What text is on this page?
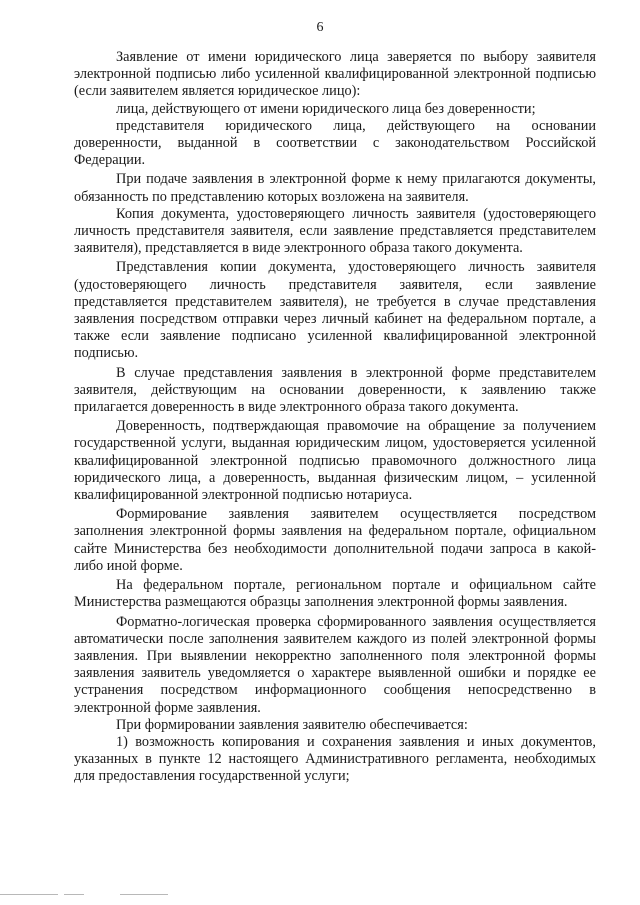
6

Заявление от имени юридического лица заверяется по выбору заявителя электронной подписью либо усиленной квалифицированной электронной подписью (если заявителем является юридическое лицо):

лица, действующего от имени юридического лица без доверенности;

представителя юридического лица, действующего на основании доверенности, выданной в соответствии с законодательством Российской Федерации.

При подаче заявления в электронной форме к нему прилагаются документы, обязанность по представлению которых возложена на заявителя.

Копия документа, удостоверяющего личность заявителя (удостоверяющего личность представителя заявителя, если заявление представляется представителем заявителя), представляется в виде электронного образа такого документа.

Представления копии документа, удостоверяющего личность заявителя (удостоверяющего личность представителя заявителя, если заявление представляется представителем заявителя), не требуется в случае представления заявления посредством отправки через личный кабинет на федеральном портале, а также если заявление подписано усиленной квалифицированной электронной подписью.

В случае представления заявления в электронной форме представителем заявителя, действующим на основании доверенности, к заявлению также прилагается доверенность в виде электронного образа такого документа.

Доверенность, подтверждающая правомочие на обращение за получением государственной услуги, выданная юридическим лицом, удостоверяется усиленной квалифицированной электронной подписью правомочного должностного лица юридического лица, а доверенность, выданная физическим лицом, – усиленной квалифицированной электронной подписью нотариуса.

Формирование заявления заявителем осуществляется посредством заполнения электронной формы заявления на федеральном портале, официальном сайте Министерства без необходимости дополнительной подачи запроса в какой-либо иной форме.

На федеральном портале, региональном портале и официальном сайте Министерства размещаются образцы заполнения электронной формы заявления.

Форматно-логическая проверка сформированного заявления осуществляется автоматически после заполнения заявителем каждого из полей электронной формы заявления. При выявлении некорректно заполненного поля электронной формы заявления заявитель уведомляется о характере выявленной ошибки и порядке ее устранения посредством информационного сообщения непосредственно в электронной форме заявления.

При формировании заявления заявителю обеспечивается:

1) возможность копирования и сохранения заявления и иных документов, указанных в пункте 12 настоящего Административного регламента, необходимых для предоставления государственной услуги;
